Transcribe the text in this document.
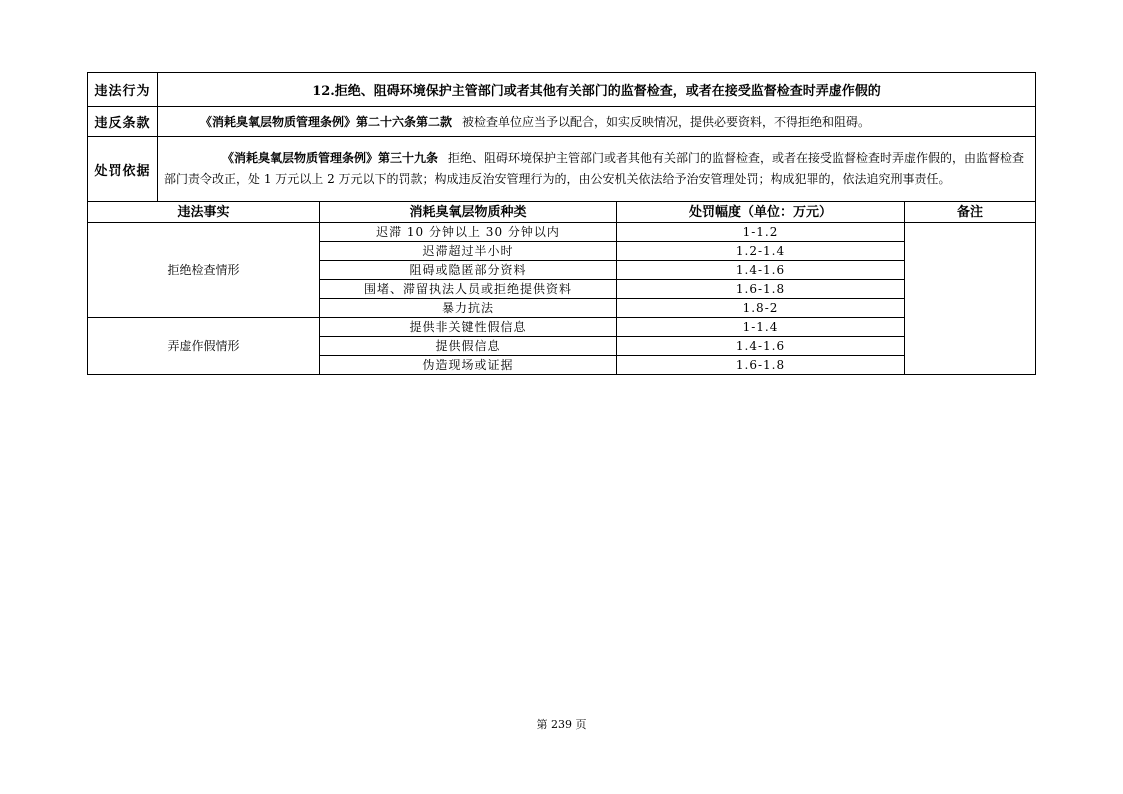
违法行为	12.拒绝、阻碍环境保护主管部门或者其他有关部门的监督检查，或者在接受监督检查时弄虚作假的
违反条款	《消耗臭氧层物质管理条例》第二十六条第二款 被检查单位应当予以配合，如实反映情况，提供必要资料，不得拒绝和阻碍。
处罚依据	《消耗臭氧层物质管理条例》第三十九条 拒绝、阻碍环境保护主管部门或者其他有关部门的监督检查，或者在接受监督检查时弄虚作假的，由监督检查部门责令改正，处 1 万元以上 2 万元以下的罚款；构成违反治安管理行为的，由公安机关依法给予治安管理处罚；构成犯罪的，依法追究刑事责任。
违法事实	消耗臭氧层物质种类	处罚幅度（单位：万元）	备注
拒绝检查情形	迟滞 10 分钟以上 30 分钟以内	1-1.2	
	迟滞超过半小时	1.2-1.4	
	阻碍或隐匿部分资料	1.4-1.6	
	围堵、滞留执法人员或拒绝提供资料	1.6-1.8	
	暴力抗法	1.8-2	
弄虚作假情形	提供非关键性假信息	1-1.4	
	提供假信息	1.4-1.6	
	伪造现场或证据	1.6-1.8	
第 239 页
